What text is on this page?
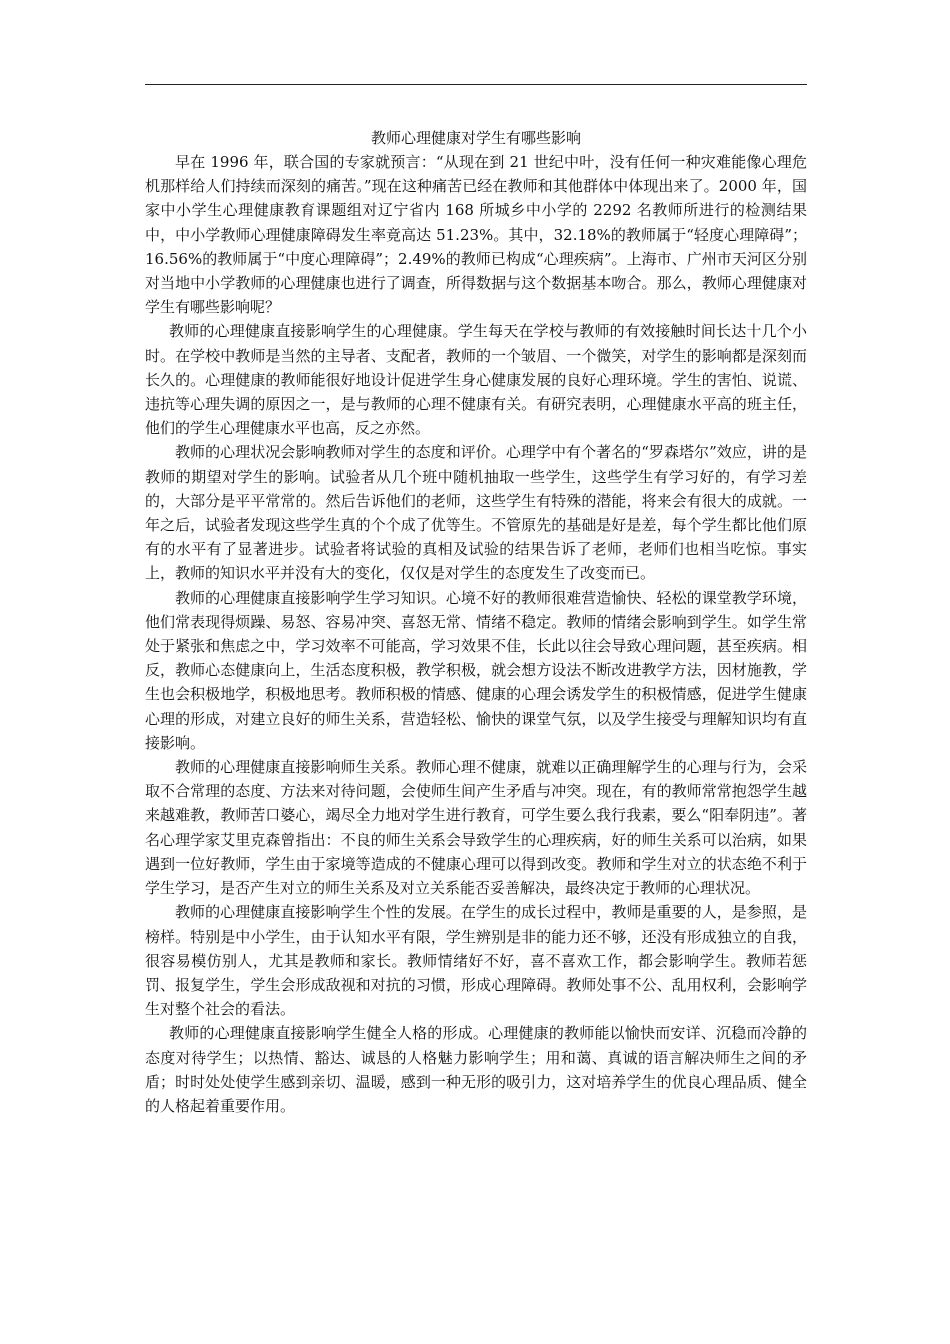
教师心理健康对学生有哪些影响

早在 1996 年，联合国的专家就预言：“从现在到 21 世纪中叶，没有任何一种灾难能像心理危机那样给人们持续而深刻的痛苦。”现在这种痛苦已经在教师和其他群体中体现出来了。2000 年，国家中小学生心理健康教育课题组对辽宁省内 168 所城乡中小学的 2292 名教师所进行的检测结果中，中小学教师心理健康障碍发生率竟高达 51.23%。其中，32.18%的教师属于“轻度心理障碍”；16.56%的教师属于“中度心理障碍”；2.49%的教师已构成“心理疾病”。上海市、广州市天河区分别对当地中小学教师的心理健康也进行了调查，所得数据与这个数据基本吻合。那么，教师心理健康对学生有哪些影响呢？

教师的心理健康直接影响学生的心理健康。学生每天在学校与教师的有效接触时间长达十几个小时。在学校中教师是当然的主导者、支配者，教师的一个皱眉、一个微笑，对学生的影响都是深刻而长久的。心理健康的教师能很好地设计促进学生身心健康发展的良好心理环境。学生的害怕、说谎、违抗等心理失调的原因之一，是与教师的心理不健康有关。有研究表明，心理健康水平高的班主任，他们的学生心理健康水平也高，反之亦然。

教师的心理状况会影响教师对学生的态度和评价。心理学中有个著名的“罗森塔尔”效应，讲的是教师的期望对学生的影响。试验者从几个班中随机抽取一些学生，这些学生有学习好的，有学习差的，大部分是平平常常的。然后告诉他们的老师，这些学生有特殊的潜能，将来会有很大的成就。一年之后，试验者发现这些学生真的个个成了优等生。不管原先的基础是好是差，每个学生都比他们原有的水平有了显著进步。试验者将试验的真相及试验的结果告诉了老师，老师们也相当吃惊。事实上，教师的知识水平并没有大的变化，仅仅是对学生的态度发生了改变而已。

教师的心理健康直接影响学生学习知识。心境不好的教师很难营造愉快、轻松的课堂教学环境，他们常表现得烦躁、易怒、容易冲突、喜怒无常、情绪不稳定。教师的情绪会影响到学生。如学生常处于紧张和焦虑之中，学习效率不可能高，学习效果不佳，长此以往会导致心理问题，甚至疾病。相反，教师心态健康向上，生活态度积极，教学积极，就会想方设法不断改进教学方法，因材施教，学生也会积极地学，积极地思考。教师积极的情感、健康的心理会诱发学生的积极情感，促进学生健康心理的形成，对建立良好的师生关系，营造轻松、愉快的课堂气氛，以及学生接受与理解知识均有直接影响。

教师的心理健康直接影响师生关系。教师心理不健康，就难以正确理解学生的心理与行为，会采取不合常理的态度、方法来对待问题，会使师生间产生矛盾与冲突。现在，有的教师常常抱怨学生越来越难教，教师苦口婆心，竭尽全力地对学生进行教育，可学生要么我行我素，要么“阳奉阴违”。著名心理学家艾里克森曾指出：不良的师生关系会导致学生的心理疾病，好的师生关系可以治病，如果遇到一位好教师，学生由于家境等造成的不健康心理可以得到改变。教师和学生对立的状态绝不利于学生学习，是否产生对立的师生关系及对立关系能否妥善解决，最终决定于教师的心理状况。

教师的心理健康直接影响学生个性的发展。在学生的成长过程中，教师是重要的人，是参照，是榜样。特别是中小学生，由于认知水平有限，学生辨别是非的能力还不够，还没有形成独立的自我，很容易模仿别人，尤其是教师和家长。教师情绪好不好，喜不喜欢工作，都会影响学生。教师若惩罚、报复学生，学生会形成敌视和对抗的习惯，形成心理障碍。教师处事不公、乱用权利，会影响学生对整个社会的看法。

教师的心理健康直接影响学生健全人格的形成。心理健康的教师能以愉快而安详、沉稳而冷静的态度对待学生；以热情、豁达、诚恳的人格魅力影响学生；用和蔼、真诚的语言解决师生之间的矛盾；时时处处使学生感到亲切、温暖，感到一种无形的吸引力，这对培养学生的优良心理品质、健全的人格起着重要作用。
